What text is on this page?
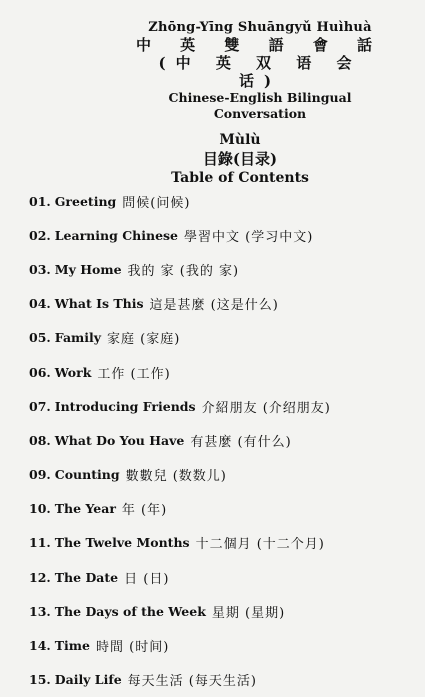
Zhōng-Yīng Shuāngyǔ Huìhuà
中 英 雙 語 會 話
(中 英 双 语 会 话)
Chinese-English Bilingual Conversation
Mùlù
目錄(目录)
Table of Contents
01. Greeting 問候(问候)
02. Learning Chinese 學習中文 (学习中文)
03. My Home 我的 家 (我的 家)
04. What Is This 這是甚麼 (这是什么)
05. Family 家庭 (家庭)
06. Work 工作 (工作)
07. Introducing Friends 介紹朋友 (介绍朋友)
08. What Do You Have 有甚麼 (有什么)
09. Counting 數數兒 (数数儿)
10. The Year 年 (年)
11. The Twelve Months 十二個月 (十二个月)
12. The Date 日 (日)
13. The Days of the Week 星期 (星期)
14. Time 時間 (时间)
15. Daily Life 每天生活 (每天生活)
